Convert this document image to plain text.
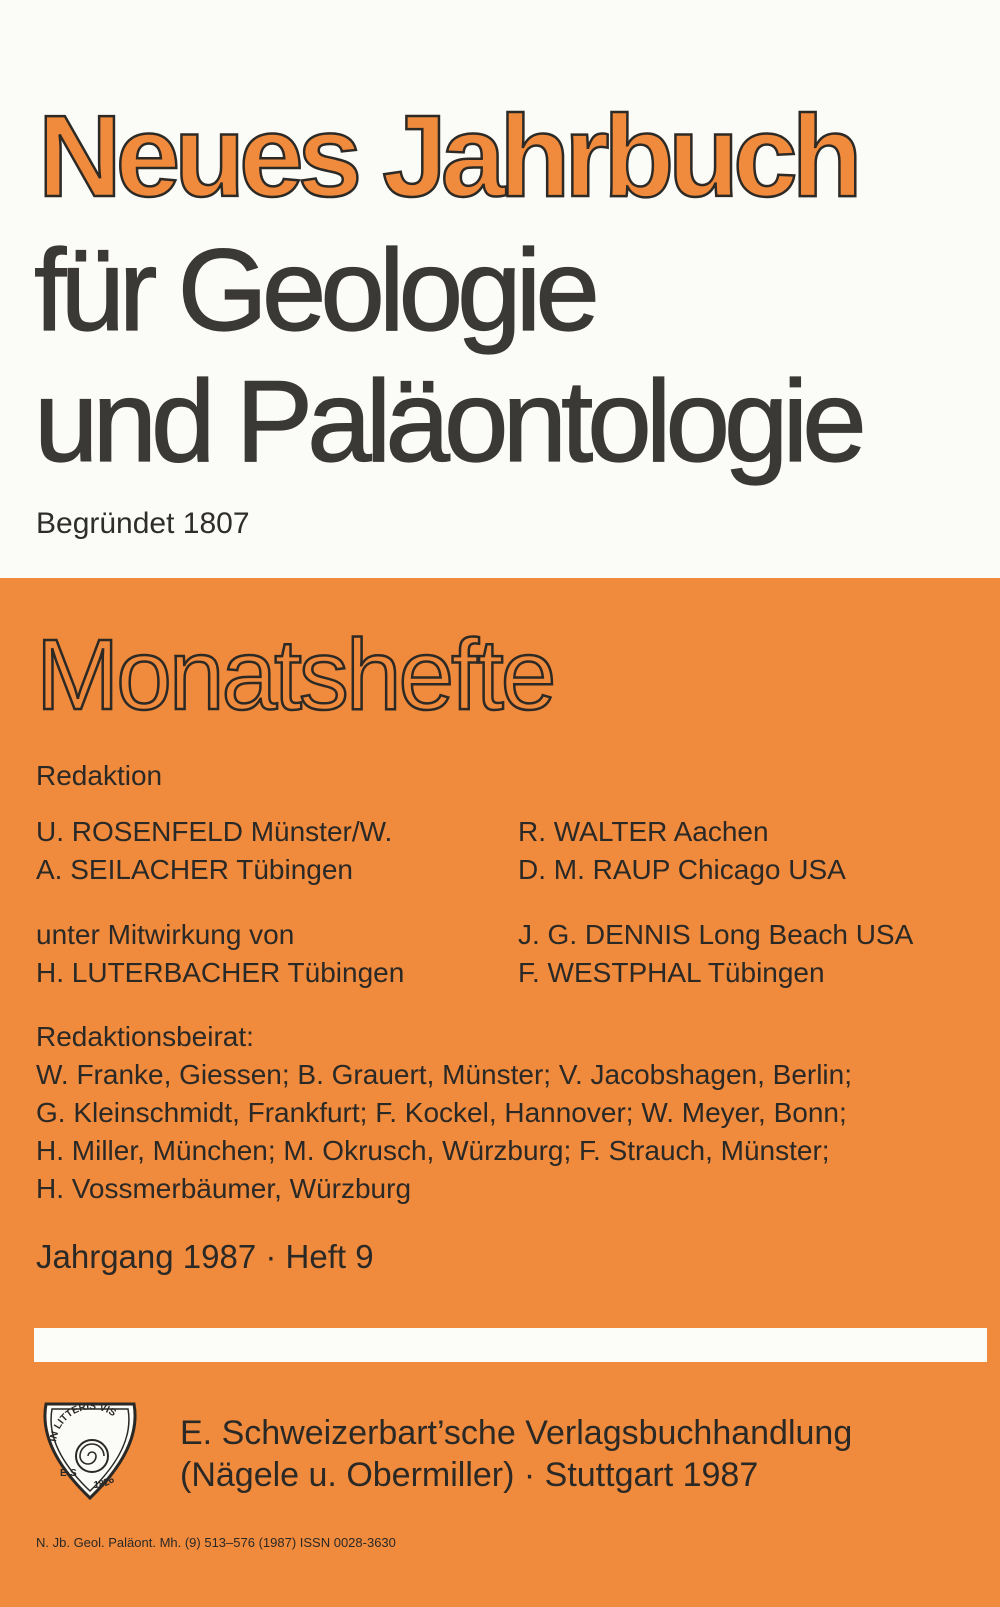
Neues Jahrbuch
für Geologie
und Paläontologie
Begründet 1807
Monatshefte
Redaktion
U. ROSENFELD Münster/W.
A. SEILACHER Tübingen
R. WALTER Aachen
D. M. RAUP Chicago USA
unter Mitwirkung von
H. LUTERBACHER Tübingen
J. G. DENNIS Long Beach USA
F. WESTPHAL Tübingen
Redaktionsbeirat:
W. Franke, Giessen; B. Grauert, Münster; V. Jacobshagen, Berlin;
G. Kleinschmidt, Frankfurt; F. Kockel, Hannover; W. Meyer, Bonn;
H. Miller, München; M. Okrusch, Würzburg; F. Strauch, Münster;
H. Vossmerbäumer, Würzburg
Jahrgang 1987 · Heft 9
IN LITTERIS VIS
E·S
1826
E. Schweizerbart’sche Verlagsbuchhandlung
(Nägele u. Obermiller) · Stuttgart 1987
N. Jb. Geol. Paläont. Mh. (9) 513–576 (1987) ISSN 0028-3630
